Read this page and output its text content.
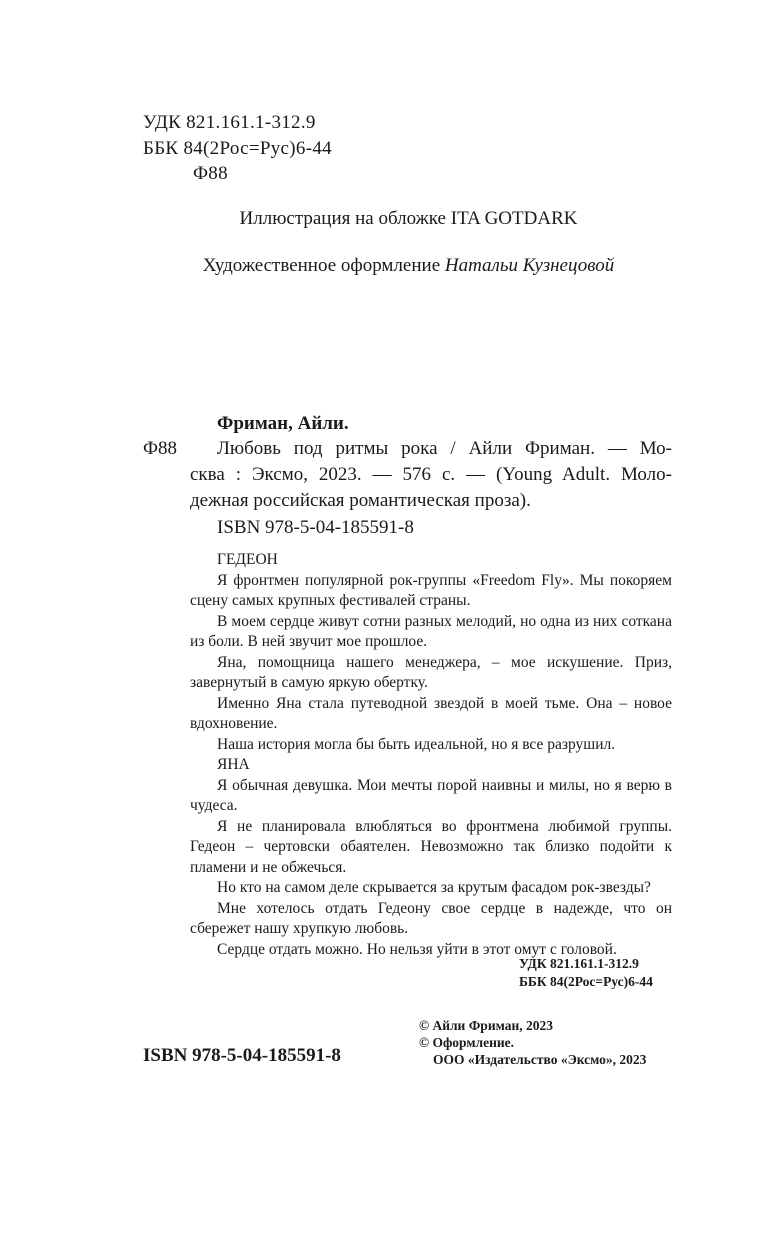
УДК 821.161.1-312.9
ББК 84(2Рос=Рус)6-44
Ф88
Иллюстрация на обложке ITA GOTDARK
Художественное оформление Натальи Кузнецовой
Фриман, Айли.
Ф88 Любовь под ритмы рока / Айли Фриман. — Мо-
сква : Эксмо, 2023. — 576 с. — (Young Adult. Моло-
дежная российская романтическая проза).
ISBN 978-5-04-185591-8

ГЕДЕОН

Я фронтмен популярной рок-группы «Freedom Fly». Мы покоряем сцену самых крупных фестивалей страны.

В моем сердце живут сотни разных мелодий, но одна из них соткана из боли. В ней звучит мое прошлое.

Яна, помощница нашего менеджера, – мое искушение. Приз, завернутый в самую яркую обертку.

Именно Яна стала путеводной звездой в моей тьме. Она – новое вдохновение.

Наша история могла бы быть идеальной, но я все разрушил.

ЯНА

Я обычная девушка. Мои мечты порой наивны и милы, но я верю в чудеса.

Я не планировала влюбляться во фронтмена любимой группы. Гедеон – чертовски обаятелен. Невозможно так близко подойти к пламени и не обжечься.

Но кто на самом деле скрывается за крутым фасадом рок-звезды?

Мне хотелось отдать Гедеону свое сердце в надежде, что он сбережет нашу хрупкую любовь.

Сердце отдать можно. Но нельзя уйти в этот омут с головой.

УДК 821.161.1-312.9
ББК 84(2Рос=Рус)6-44
© Айли Фриман, 2023
© Оформление.
ООО «Издательство «Эксмо», 2023
ISBN 978-5-04-185591-8
